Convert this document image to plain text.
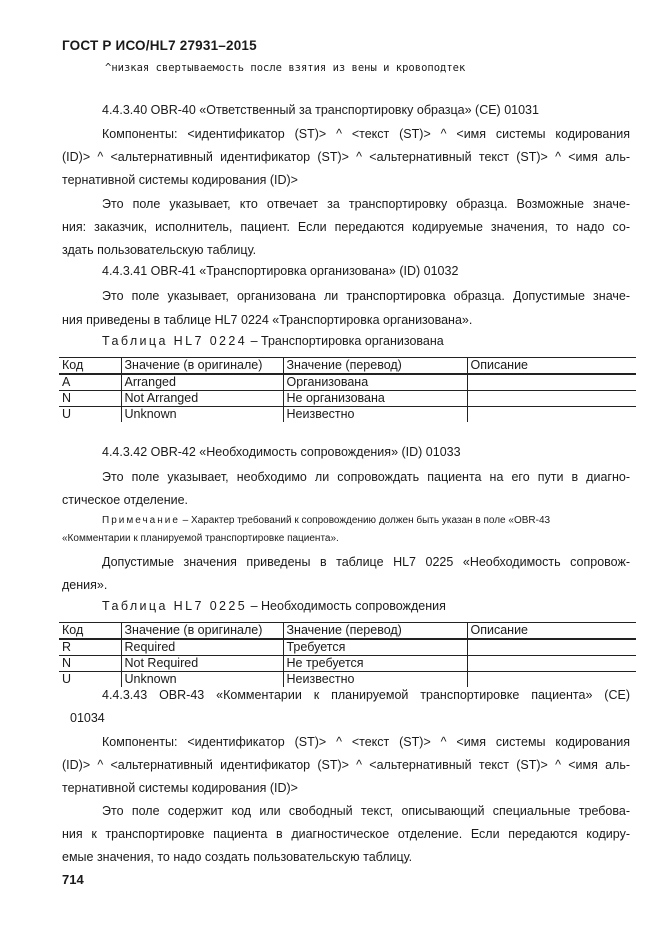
ГОСТ Р ИСО/HL7 27931–2015
^низкая свертываемость после взятия из вены и кровоподтек
4.4.3.40 OBR-40 «Ответственный за транспортировку образца» (CE) 01031
Компоненты: <идентификатор (ST)> ^ <текст (ST)> ^ <имя системы кодирования
(ID)> ^ <альтернативный идентификатор (ST)> ^ <альтернативный текст (ST)> ^ <имя аль-
тернативной системы кодирования (ID)>
Это поле указывает, кто отвечает за транспортировку образца. Возможные значе-
ния: заказчик, исполнитель, пациент. Если передаются кодируемые значения, то надо со-
здать пользовательскую таблицу.
4.4.3.41 OBR-41 «Транспортировка организована» (ID) 01032
Это поле указывает, организована ли транспортировка образца. Допустимые значе-
ния приведены в таблице HL7 0224 «Транспортировка организована».
Таблица HL7 0224 – Транспортировка организована
Код	Значение (в оригинале)	Значение (перевод)	Описание
A	Arranged	Организована	
N	Not Arranged	Не организована	
U	Unknown	Неизвестно	
4.4.3.42 OBR-42 «Необходимость сопровождения» (ID) 01033
Это поле указывает, необходимо ли сопровождать пациента на его пути в диагно-
стическое отделение.
Примечание – Характер требований к сопровождению должен быть указан в поле «OBR-43
«Комментарии к планируемой транспортировке пациента».
Допустимые значения приведены в таблице HL7 0225 «Необходимость сопровож-
дения».
Таблица HL7 0225 – Необходимость сопровождения
Код	Значение (в оригинале)	Значение (перевод)	Описание
R	Required	Требуется	
N	Not Required	Не требуется	
U	Unknown	Неизвестно	
4.4.3.43 OBR-43 «Комментарии к планируемой транспортировке пациента» (CE)
01034
Компоненты: <идентификатор (ST)> ^ <текст (ST)> ^ <имя системы кодирования
(ID)> ^ <альтернативный идентификатор (ST)> ^ <альтернативный текст (ST)> ^ <имя аль-
тернативной системы кодирования (ID)>
Это поле содержит код или свободный текст, описывающий специальные требова-
ния к транспортировке пациента в диагностическое отделение. Если передаются кодиру-
емые значения, то надо создать пользовательскую таблицу.
714
